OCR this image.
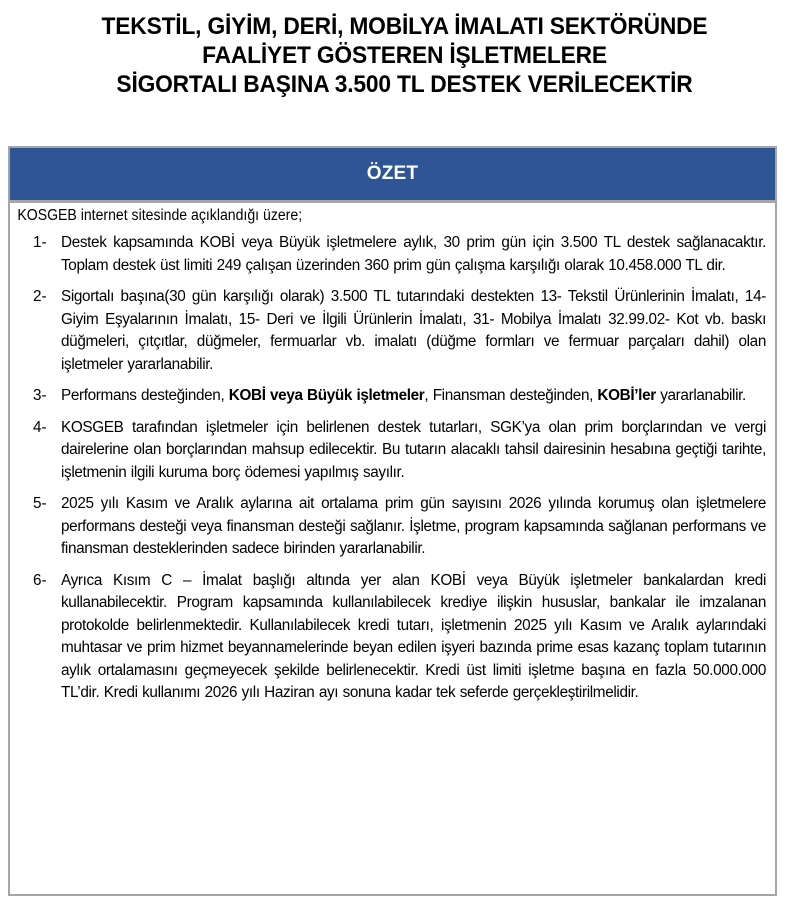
TEKSTİL, GİYİM, DERİ, MOBİLYA İMALATI SEKTÖRÜNDE
FAALİYET GÖSTEREN İŞLETMELERE
SİGORTALI BAŞINA 3.500 TL DESTEK VERİLECEKTİR
ÖZET
KOSGEB internet sitesinde açıklandığı üzere;
1- Destek kapsamında KOBİ veya Büyük işletmelere aylık, 30 prim gün için 3.500 TL destek sağlanacaktır. Toplam destek üst limiti 249 çalışan üzerinden 360 prim gün çalışma karşılığı olarak 10.458.000 TL dir.
2- Sigortalı başına(30 gün karşılığı olarak) 3.500 TL tutarındaki destekten 13- Tekstil Ürünlerinin İmalatı, 14- Giyim Eşyalarının İmalatı, 15- Deri ve İlgili Ürünlerin İmalatı, 31- Mobilya İmalatı 32.99.02- Kot vb. baskı düğmeleri, çıtçıtlar, düğmeler, fermuarlar vb. imalatı (düğme formları ve fermuar parçaları dahil) olan işletmeler yararlanabilir.
3- Performans desteğinden, KOBİ veya Büyük işletmeler, Finansman desteğinden, KOBİ’ler yararlanabilir.
4- KOSGEB tarafından işletmeler için belirlenen destek tutarları, SGK’ya olan prim borçlarından ve vergi dairelerine olan borçlarından mahsup edilecektir. Bu tutarın alacaklı tahsil dairesinin hesabına geçtiği tarihte, işletmenin ilgili kuruma borç ödemesi yapılmış sayılır.
5- 2025 yılı Kasım ve Aralık aylarına ait ortalama prim gün sayısını 2026 yılında korumuş olan işletmelere performans desteği veya finansman desteği sağlanır. İşletme, program kapsamında sağlanan performans ve finansman desteklerinden sadece birinden yararlanabilir.
6- Ayrıca Kısım C – İmalat başlığı altında yer alan KOBİ veya Büyük işletmeler bankalardan kredi kullanabilecektir. Program kapsamında kullanılabilecek krediye ilişkin hususlar, bankalar ile imzalanan protokolde belirlenmektedir. Kullanılabilecek kredi tutarı, işletmenin 2025 yılı Kasım ve Aralık aylarındaki muhtasar ve prim hizmet beyannamelerinde beyan edilen işyeri bazında prime esas kazanç toplam tutarının aylık ortalamasını geçmeyecek şekilde belirlenecektir. Kredi üst limiti işletme başına en fazla 50.000.000 TL’dir. Kredi kullanımı 2026 yılı Haziran ayı sonuna kadar tek seferde gerçekleştirilmelidir.
